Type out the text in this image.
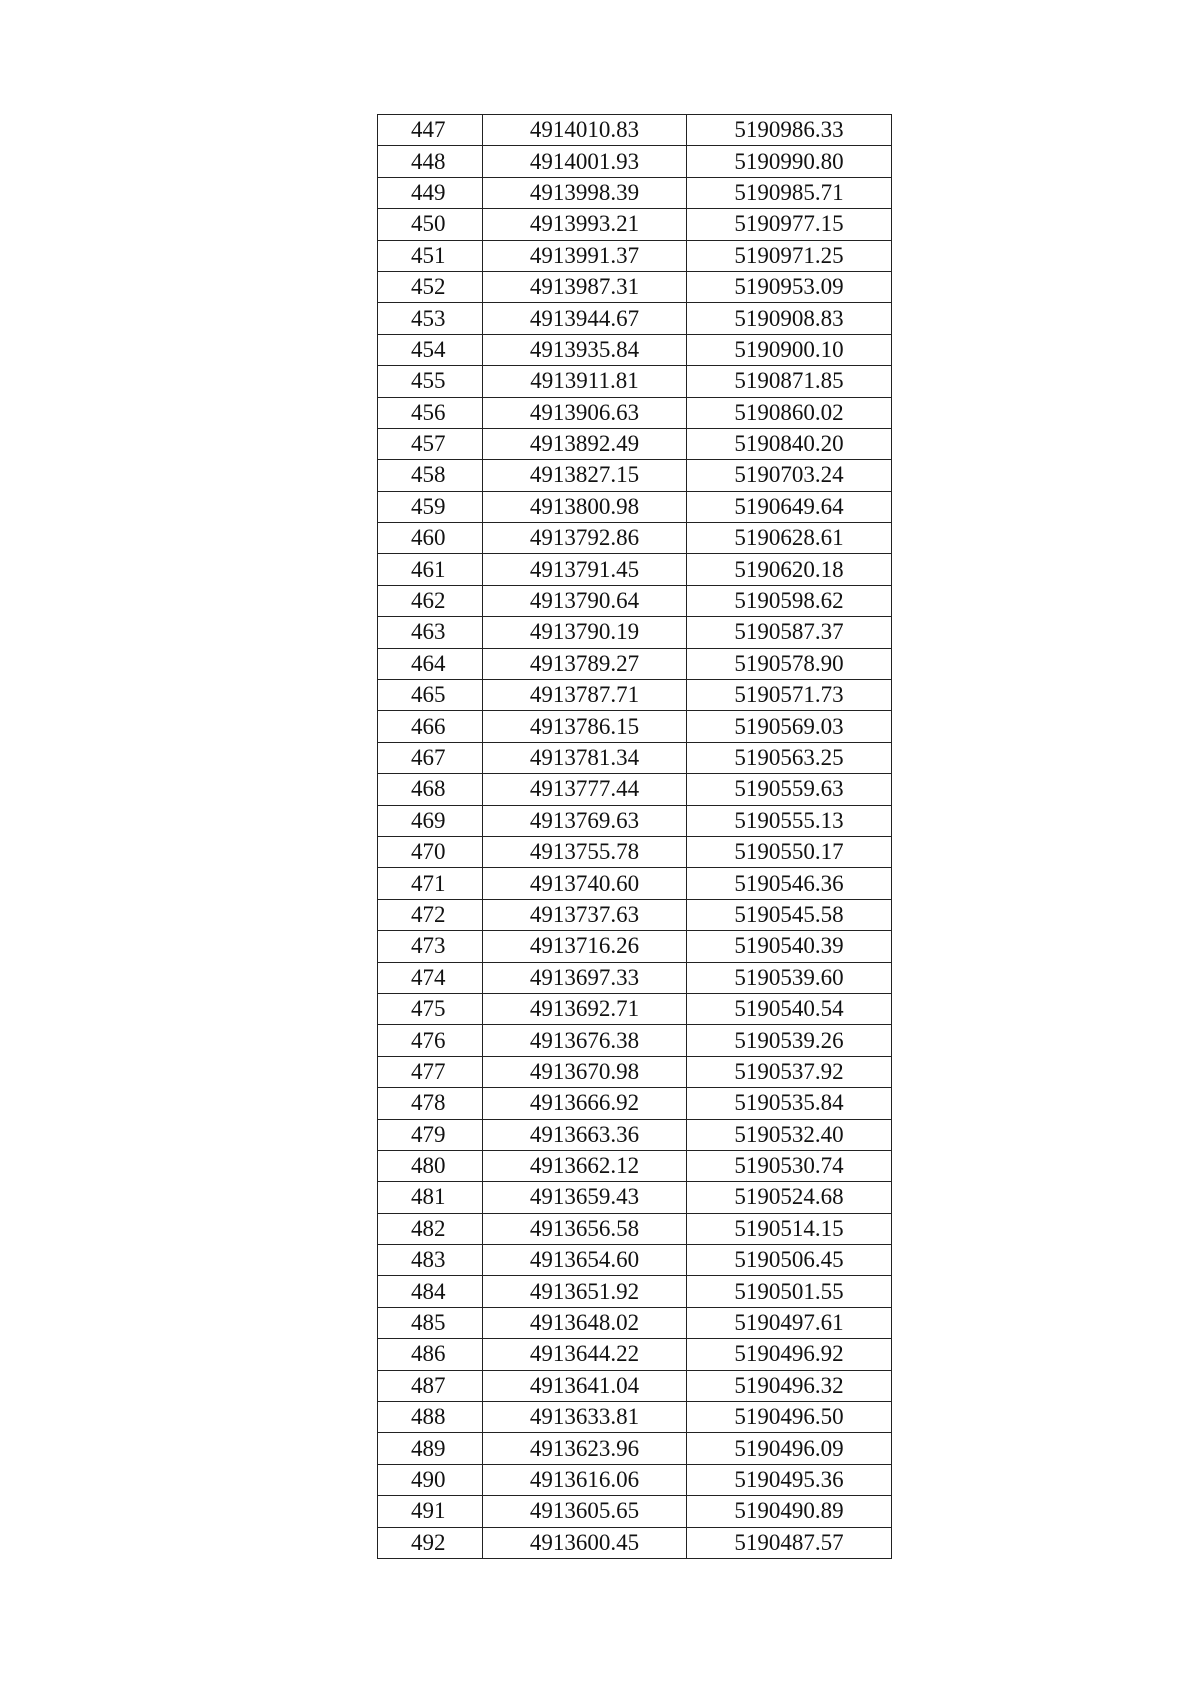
447	4914010.83	5190986.33
448	4914001.93	5190990.80
449	4913998.39	5190985.71
450	4913993.21	5190977.15
451	4913991.37	5190971.25
452	4913987.31	5190953.09
453	4913944.67	5190908.83
454	4913935.84	5190900.10
455	4913911.81	5190871.85
456	4913906.63	5190860.02
457	4913892.49	5190840.20
458	4913827.15	5190703.24
459	4913800.98	5190649.64
460	4913792.86	5190628.61
461	4913791.45	5190620.18
462	4913790.64	5190598.62
463	4913790.19	5190587.37
464	4913789.27	5190578.90
465	4913787.71	5190571.73
466	4913786.15	5190569.03
467	4913781.34	5190563.25
468	4913777.44	5190559.63
469	4913769.63	5190555.13
470	4913755.78	5190550.17
471	4913740.60	5190546.36
472	4913737.63	5190545.58
473	4913716.26	5190540.39
474	4913697.33	5190539.60
475	4913692.71	5190540.54
476	4913676.38	5190539.26
477	4913670.98	5190537.92
478	4913666.92	5190535.84
479	4913663.36	5190532.40
480	4913662.12	5190530.74
481	4913659.43	5190524.68
482	4913656.58	5190514.15
483	4913654.60	5190506.45
484	4913651.92	5190501.55
485	4913648.02	5190497.61
486	4913644.22	5190496.92
487	4913641.04	5190496.32
488	4913633.81	5190496.50
489	4913623.96	5190496.09
490	4913616.06	5190495.36
491	4913605.65	5190490.89
492	4913600.45	5190487.57
